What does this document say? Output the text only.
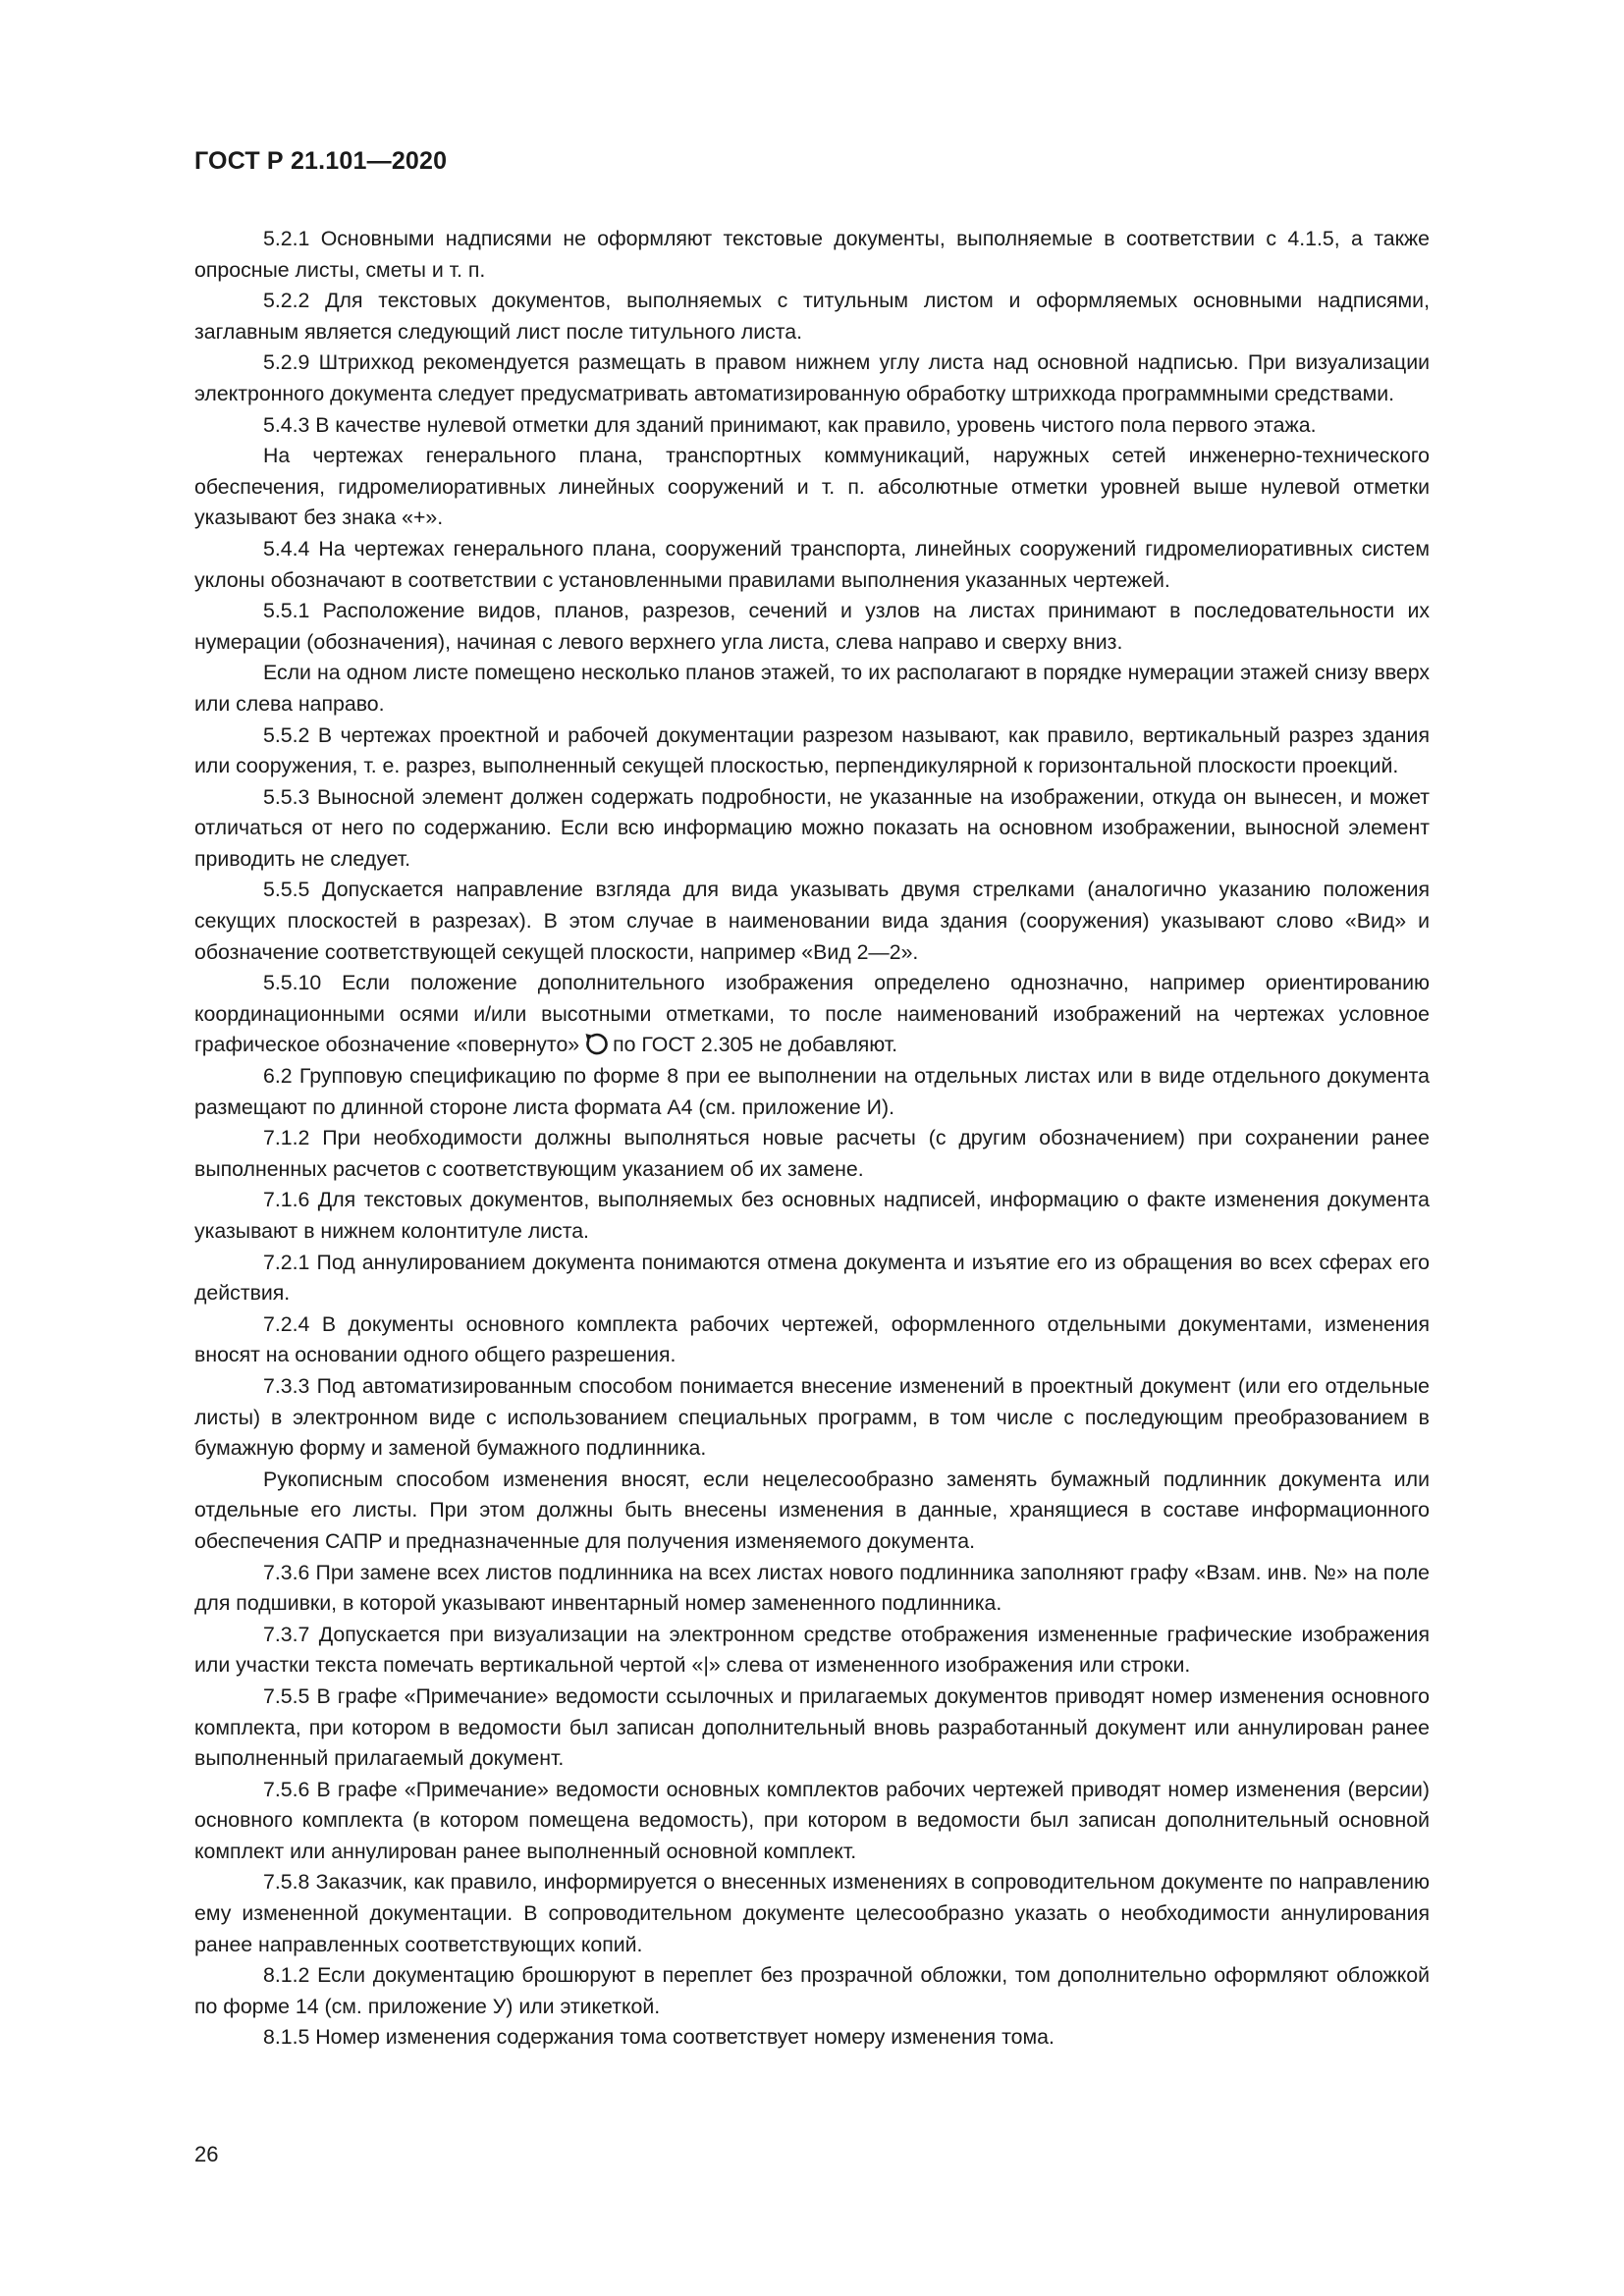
ГОСТ Р 21.101—2020

5.2.1 Основными надписями не оформляют текстовые документы, выполняемые в соответствии с 4.1.5, а также опросные листы, сметы и т. п.

5.2.2 Для текстовых документов, выполняемых с титульным листом и оформляемых основными надписями, заглавным является следующий лист после титульного листа.

5.2.9 Штрихкод рекомендуется размещать в правом нижнем углу листа над основной надписью. При визуализации электронного документа следует предусматривать автоматизированную обработку штрихкода программными средствами.

5.4.3 В качестве нулевой отметки для зданий принимают, как правило, уровень чистого пола первого этажа.

На чертежах генерального плана, транспортных коммуникаций, наружных сетей инженерно-технического обеспечения, гидромелиоративных линейных сооружений и т. п. абсолютные отметки уровней выше нулевой отметки указывают без знака «+».

5.4.4 На чертежах генерального плана, сооружений транспорта, линейных сооружений гидромелиоративных систем уклоны обозначают в соответствии с установленными правилами выполнения указанных чертежей.

5.5.1 Расположение видов, планов, разрезов, сечений и узлов на листах принимают в последовательности их нумерации (обозначения), начиная с левого верхнего угла листа, слева направо и сверху вниз.

Если на одном листе помещено несколько планов этажей, то их располагают в порядке нумерации этажей снизу вверх или слева направо.

5.5.2 В чертежах проектной и рабочей документации разрезом называют, как правило, вертикальный разрез здания или сооружения, т. е. разрез, выполненный секущей плоскостью, перпендикулярной к горизонтальной плоскости проекций.

5.5.3 Выносной элемент должен содержать подробности, не указанные на изображении, откуда он вынесен, и может отличаться от него по содержанию. Если всю информацию можно показать на основном изображении, выносной элемент приводить не следует.

5.5.5 Допускается направление взгляда для вида указывать двумя стрелками (аналогично указанию положения секущих плоскостей в разрезах). В этом случае в наименовании вида здания (сооружения) указывают слово «Вид» и обозначение соответствующей секущей плоскости, например «Вид 2—2».

5.5.10 Если положение дополнительного изображения определено однозначно, например ориентированию координационными осями и/или высотными отметками, то после наименований изображений на чертежах условное графическое обозначение «повернуто» по ГОСТ 2.305 не добавляют.

6.2 Групповую спецификацию по форме 8 при ее выполнении на отдельных листах или в виде отдельного документа размещают по длинной стороне листа формата А4 (см. приложение И).

7.1.2 При необходимости должны выполняться новые расчеты (с другим обозначением) при сохранении ранее выполненных расчетов с соответствующим указанием об их замене.

7.1.6 Для текстовых документов, выполняемых без основных надписей, информацию о факте изменения документа указывают в нижнем колонтитуле листа.

7.2.1 Под аннулированием документа понимаются отмена документа и изъятие его из обращения во всех сферах его действия.

7.2.4 В документы основного комплекта рабочих чертежей, оформленного отдельными документами, изменения вносят на основании одного общего разрешения.

7.3.3 Под автоматизированным способом понимается внесение изменений в проектный документ (или его отдельные листы) в электронном виде с использованием специальных программ, в том числе с последующим преобразованием в бумажную форму и заменой бумажного подлинника.

Рукописным способом изменения вносят, если нецелесообразно заменять бумажный подлинник документа или отдельные его листы. При этом должны быть внесены изменения в данные, хранящиеся в составе информационного обеспечения САПР и предназначенные для получения изменяемого документа.

7.3.6 При замене всех листов подлинника на всех листах нового подлинника заполняют графу «Взам. инв. №» на поле для подшивки, в которой указывают инвентарный номер замененного подлинника.

7.3.7 Допускается при визуализации на электронном средстве отображения измененные графические изображения или участки текста помечать вертикальной чертой «|» слева от измененного изображения или строки.

7.5.5 В графе «Примечание» ведомости ссылочных и прилагаемых документов приводят номер изменения основного комплекта, при котором в ведомости был записан дополнительный вновь разработанный документ или аннулирован ранее выполненный прилагаемый документ.

7.5.6 В графе «Примечание» ведомости основных комплектов рабочих чертежей приводят номер изменения (версии) основного комплекта (в котором помещена ведомость), при котором в ведомости был записан дополнительный основной комплект или аннулирован ранее выполненный основной комплект.

7.5.8 Заказчик, как правило, информируется о внесенных изменениях в сопроводительном документе по направлению ему измененной документации. В сопроводительном документе целесообразно указать о необходимости аннулирования ранее направленных соответствующих копий.

8.1.2 Если документацию брошюруют в переплет без прозрачной обложки, том дополнительно оформляют обложкой по форме 14 (см. приложение У) или этикеткой.

8.1.5 Номер изменения содержания тома соответствует номеру изменения тома.

26
